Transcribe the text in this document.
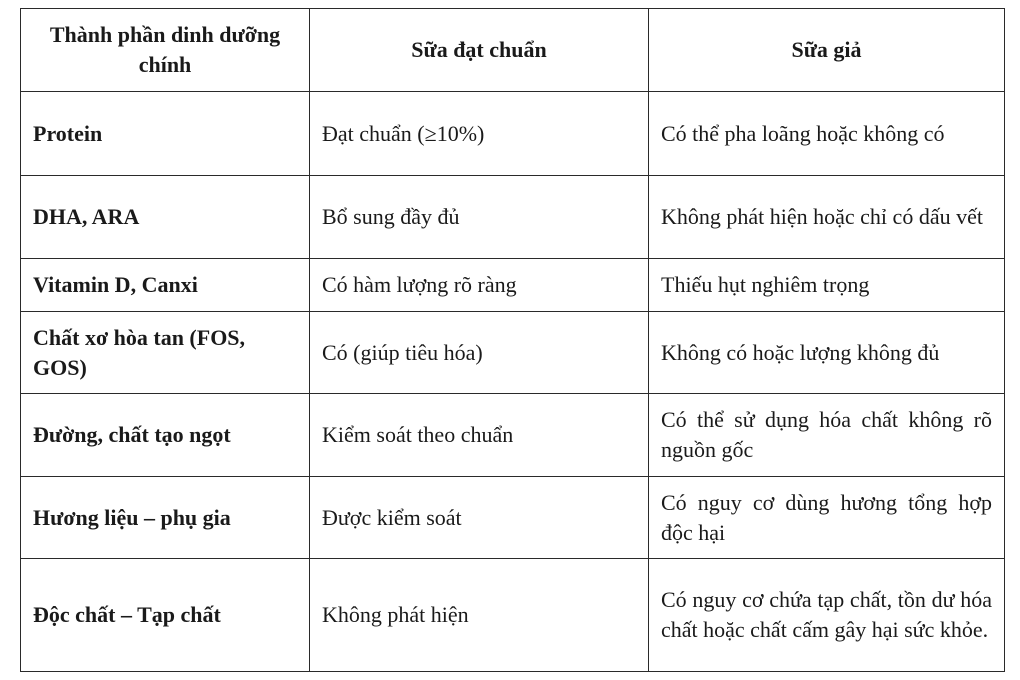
Thành phần dinh dưỡng chính	Sữa đạt chuẩn	Sữa giả
Protein	Đạt chuẩn (≥10%)	Có thể pha loãng hoặc không có
DHA, ARA	Bổ sung đầy đủ	Không phát hiện hoặc chỉ có dấu vết
Vitamin D, Canxi	Có hàm lượng rõ ràng	Thiếu hụt nghiêm trọng
Chất xơ hòa tan (FOS, GOS)	Có (giúp tiêu hóa)	Không có hoặc lượng không đủ
Đường, chất tạo ngọt	Kiểm soát theo chuẩn	Có thể sử dụng hóa chất không rõ nguồn gốc
Hương liệu – phụ gia	Được kiểm soát	Có nguy cơ dùng hương tổng hợp độc hại
Độc chất – Tạp chất	Không phát hiện	Có nguy cơ chứa tạp chất, tồn dư hóa chất hoặc chất cấm gây hại sức khỏe.
